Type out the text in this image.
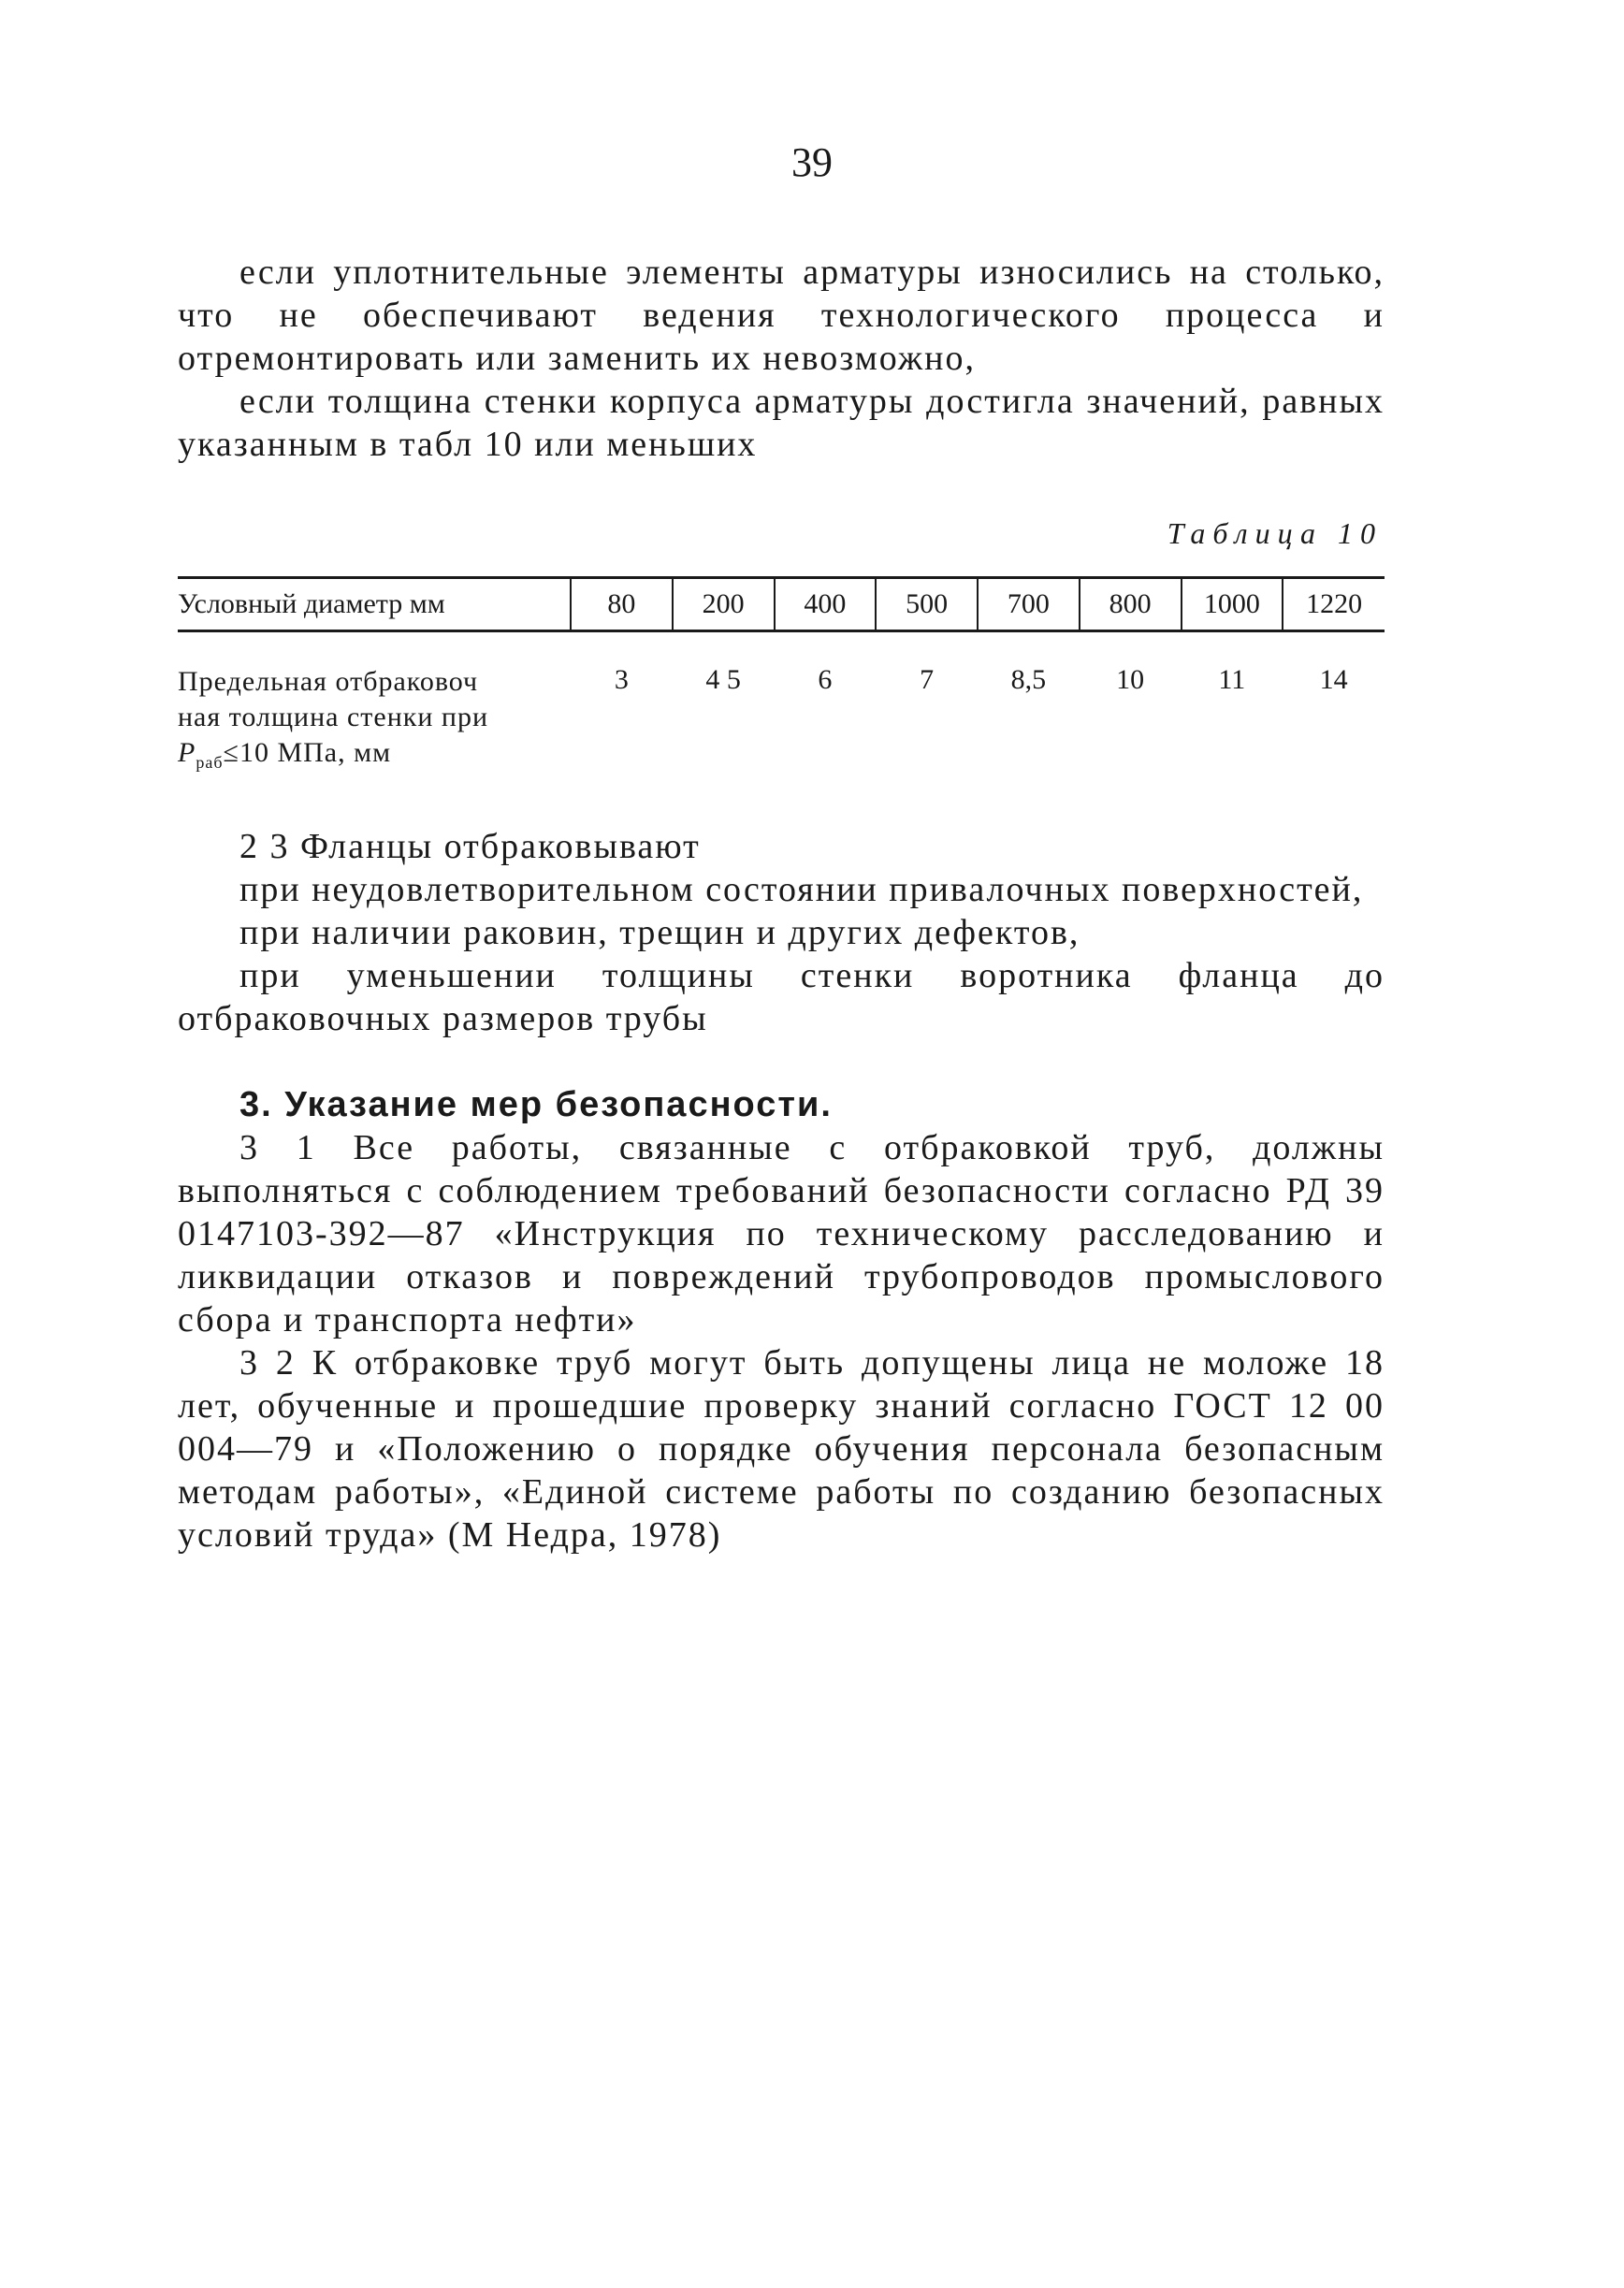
39

если уплотнительные элементы арматуры износились на столько, что не обеспечивают ведения технологического процесса и отремонтировать или заменить их невозможно,

если толщина стенки корпуса арматуры достигла значений, равных указанным в табл 10 или меньших

Таблица 10
Условный диаметр мм	80	200	400	500	700	800	1000	1220
Предельная отбраковоч
ная толщина стенки при
$P_{раб}\le 10$ МПа, мм	3	4 5	6	7	8,5	10	11	14

2 3 Фланцы отбраковывают

при неудовлетворительном состоянии привалочных поверхностей,

при наличии раковин, трещин и других дефектов,

при уменьшении толщины стенки воротника фланца до отбраковочных размеров трубы

3. Указание мер безопасности.

3 1 Все работы, связанные с отбраковкой труб, должны выполняться с соблюдением требований безопасности согласно РД 39 0147103-392—87 «Инструкция по техническому расследованию и ликвидации отказов и повреждений трубопроводов промыслового сбора и транспорта нефти»

3 2 К отбраковке труб могут быть допущены лица не моложе 18 лет, обученные и прошедшие проверку знаний согласно ГОСТ 12 00 004—79 и «Положению о порядке обучения персонала безопасным методам работы», «Единой системе работы по созданию безопасных условий труда» (М Недра, 1978)
